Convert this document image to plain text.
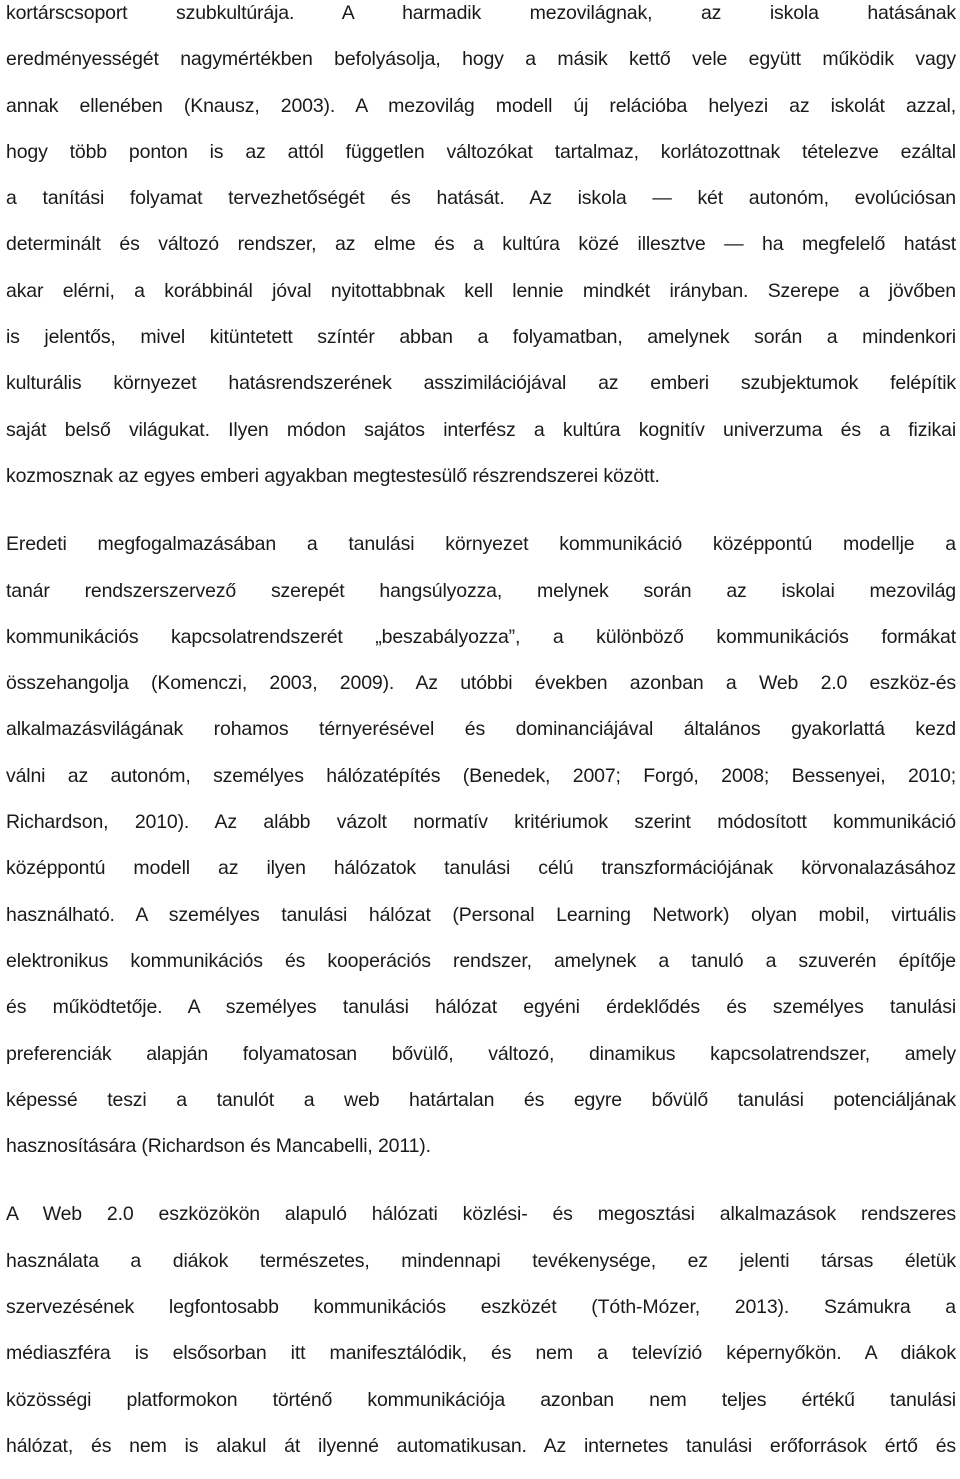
kortárscsoport szubkultúrája. A harmadik mezovilágnak, az iskola hatásának
eredményességét nagymértékben befolyásolja, hogy a másik kettő vele együtt működik vagy
annak ellenében (Knausz, 2003). A mezovilág modell új relációba helyezi az iskolát azzal,
hogy több ponton is az attól független változókat tartalmaz, korlátozottnak tételezve ezáltal
a tanítási folyamat tervezhetőségét és hatását. Az iskola — két autonóm, evolúciósan
determinált és változó rendszer, az elme és a kultúra közé illesztve — ha megfelelő hatást
akar elérni, a korábbinál jóval nyitottabbnak kell lennie mindkét irányban. Szerepe a jövőben
is jelentős, mivel kitüntetett színtér abban a folyamatban, amelynek során a mindenkori
kulturális környezet hatásrendszerének asszimilációjával az emberi szubjektumok felépítik
saját belső világukat. Ilyen módon sajátos interfész a kultúra kognitív univerzuma és a fizikai
kozmosznak az egyes emberi agyakban megtestesülő részrendszerei között.
Eredeti megfogalmazásában a tanulási környezet kommunikáció középpontú modellje a
tanár rendszerszervező szerepét hangsúlyozza, melynek során az iskolai mezovilág
kommunikációs kapcsolatrendszerét „beszabályozza”, a különböző kommunikációs formákat
összehangolja (Komenczi, 2003, 2009). Az utóbbi években azonban a Web 2.0 eszköz-és
alkalmazásvilágának rohamos térnyerésével és dominanciájával általános gyakorlattá kezd
válni az autonóm, személyes hálózatépítés (Benedek, 2007; Forgó, 2008; Bessenyei, 2010;
Richardson, 2010). Az alább vázolt normatív kritériumok szerint módosított kommunikáció
középpontú modell az ilyen hálózatok tanulási célú transzformációjának körvonalazásához
használható. A személyes tanulási hálózat (Personal Learning Network) olyan mobil, virtuális
elektronikus kommunikációs és kooperációs rendszer, amelynek a tanuló a szuverén építője
és működtetője. A személyes tanulási hálózat egyéni érdeklődés és személyes tanulási
preferenciák alapján folyamatosan bővülő, változó, dinamikus kapcsolatrendszer, amely
képessé teszi a tanulót a web határtalan és egyre bővülő tanulási potenciáljának
hasznosítására (Richardson és Mancabelli, 2011).
A Web 2.0 eszközökön alapuló hálózati közlési- és megosztási alkalmazások rendszeres
használata a diákok természetes, mindennapi tevékenysége, ez jelenti társas életük
szervezésének legfontosabb kommunikációs eszközét (Tóth-Mózer, 2013). Számukra a
médiaszféra is elsősorban itt manifesztálódik, és nem a televízió képernyőkön. A diákok
közösségi platformokon történő kommunikációja azonban nem teljes értékű tanulási
hálózat, és nem is alakul át ilyenné automatikusan. Az internetes tanulási erőforrások értő és
